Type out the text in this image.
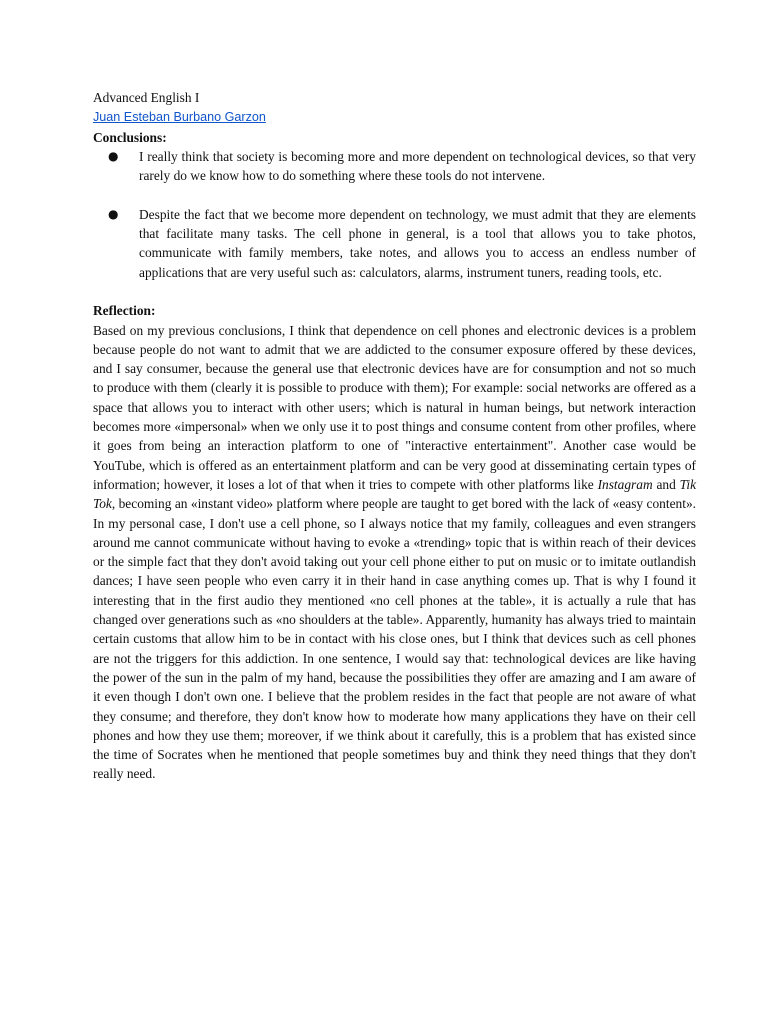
Advanced English I
Juan Esteban Burbano Garzon
Conclusions:
● I really think that society is becoming more and more dependent on technological devices, so that very rarely do we know how to do something where these tools do not intervene.
● Despite the fact that we become more dependent on technology, we must admit that they are elements that facilitate many tasks. The cell phone in general, is a tool that allows you to take photos, communicate with family members, take notes, and allows you to access an endless number of applications that are very useful such as: calculators, alarms, instrument tuners, reading tools, etc.
Reflection:

Based on my previous conclusions, I think that dependence on cell phones and electronic devices is a problem because people do not want to admit that we are addicted to the consumer exposure offered by these devices, and I say consumer, because the general use that electronic devices have are for consumption and not so much to produce with them (clearly it is possible to produce with them); For example: social networks are offered as a space that allows you to interact with other users; which is natural in human beings, but network interaction becomes more «impersonal» when we only use it to post things and consume content from other profiles, where it goes from being an interaction platform to one of "interactive entertainment". Another case would be YouTube, which is offered as an entertainment platform and can be very good at disseminating certain types of information; however, it loses a lot of that when it tries to compete with other platforms like Instagram and Tik Tok, becoming an «instant video» platform where people are taught to get bored with the lack of «easy content». In my personal case, I don't use a cell phone, so I always notice that my family, colleagues and even strangers around me cannot communicate without having to evoke a «trending» topic that is within reach of their devices or the simple fact that they don't avoid taking out your cell phone either to put on music or to imitate outlandish dances; I have seen people who even carry it in their hand in case anything comes up. That is why I found it interesting that in the first audio they mentioned «no cell phones at the table», it is actually a rule that has changed over generations such as «no shoulders at the table». Apparently, humanity has always tried to maintain certain customs that allow him to be in contact with his close ones, but I think that devices such as cell phones are not the triggers for this addiction. In one sentence, I would say that: technological devices are like having the power of the sun in the palm of my hand, because the possibilities they offer are amazing and I am aware of it even though I don't own one. I believe that the problem resides in the fact that people are not aware of what they consume; and therefore, they don't know how to moderate how many applications they have on their cell phones and how they use them; moreover, if we think about it carefully, this is a problem that has existed since the time of Socrates when he mentioned that people sometimes buy and think they need things that they don't really need.
